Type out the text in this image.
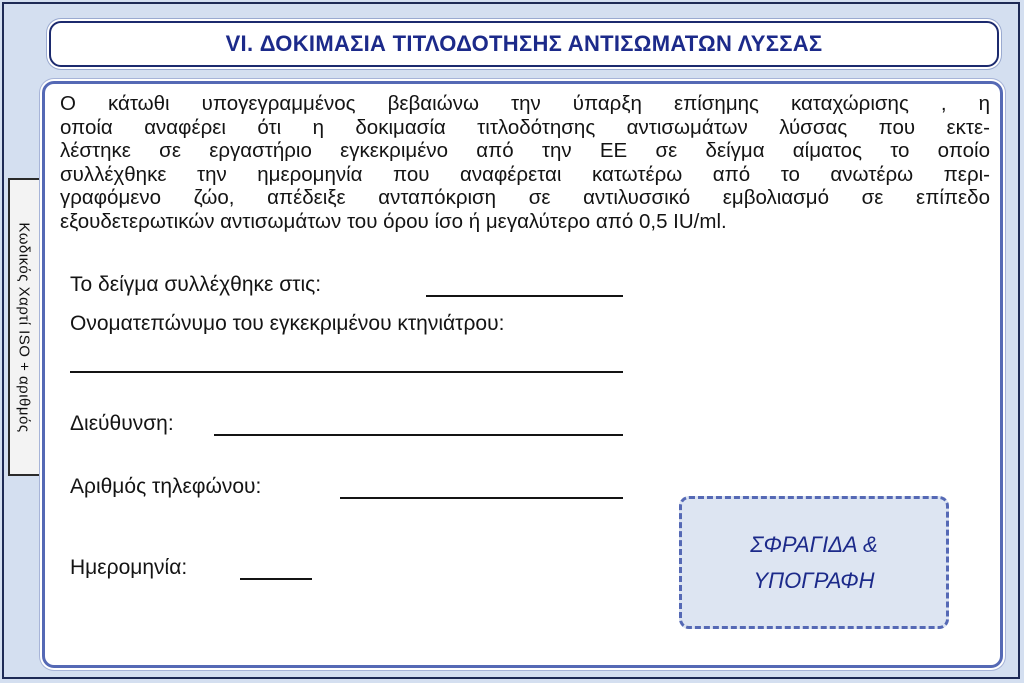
VI. ΔΟΚΙΜΑΣΙΑ ΤΙΤΛΟΔΟΤΗΣΗΣ ΑΝΤΙΣΩΜΑΤΩΝ ΛΥΣΣΑΣ
Κωδικός Χαρτί ISO + αριθμός
Ο κάτωθι υπογεγραμμένος βεβαιώνω την ύπαρξη επίσημης καταχώρισης , η
οποία αναφέρει ότι η δοκιμασία τιτλοδότησης αντισωμάτων λύσσας που εκτε-
λέστηκε σε εργαστήριο εγκεκριμένο από την ΕΕ σε δείγμα αίματος το οποίο
συλλέχθηκε την ημερομηνία που αναφέρεται κατωτέρω από το ανωτέρω περι-
γραφόμενο ζώο, απέδειξε ανταπόκριση σε αντιλυσσικό εμβολιασμό σε επίπεδο
εξουδετερωτικών αντισωμάτων του όρου ίσο ή μεγαλύτερο από 0,5 IU/ml.
Το δείγμα συλλέχθηκε στις:
Ονοματεπώνυμο του εγκεκριμένου κτηνιάτρου:
Διεύθυνση:
Αριθμός τηλεφώνου:
Ημερομηνία:
ΣΦΡΑΓΙΔΑ &
ΥΠΟΓΡΑΦΗ
